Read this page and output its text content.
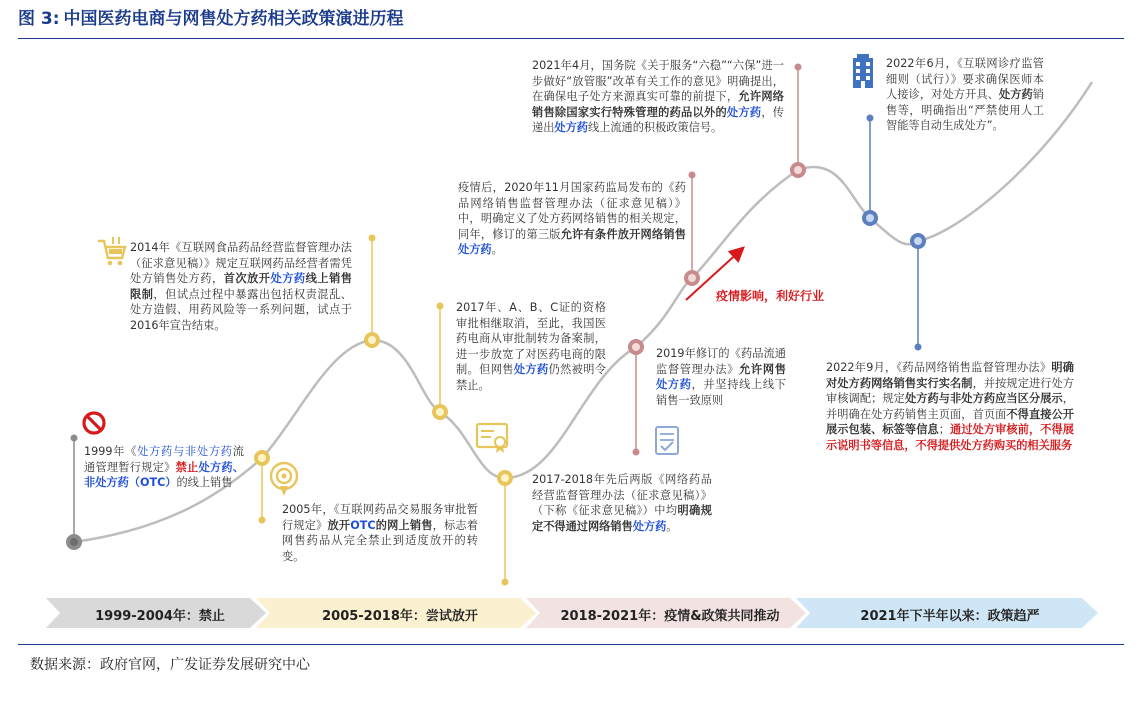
图 3: 中国医药电商与网售处方药相关政策演进历程
1999-2004年：禁止	2005-2018年：尝试放开	2018-2021年：疫情&政策共同推动	2021年下半年以来：政策趋严
疫情影响，利好行业

1999年《处方药与非处方药流通管理暂行规定》禁止处方药、非处方药（OTC）的线上销售

2014年《互联网食品药品经营监督管理办法（征求意见稿）》规定互联网药品经营者需凭处方销售处方药，首次放开处方药线上销售限制，但试点过程中暴露出包括权责混乱、处方造假、用药风险等一系列问题，试点于2016年宣告结束。

2005年，《互联网药品交易服务审批暂行规定》放开OTC的网上销售，标志着网售药品从完全禁止到适度放开的转变。

2017年、A、B、C证的资格审批相继取消，至此，我国医药电商从审批制转为备案制，进一步放宽了对医药电商的限制。但网售处方药仍然被明令禁止。

2017-2018年先后两版《网络药品经营监督管理办法（征求意见稿）》（下称《征求意见稿》）中均明确规定不得通过网络销售处方药。

疫情后，2020年11月国家药监局发布的《药品网络销售监督管理办法（征求意见稿）》中，明确定义了处方药网络销售的相关规定，同年，修订的第三版允许有条件放开网络销售处方药。

2019年修订的《药品流通监督管理办法》允许网售处方药，并坚持线上线下销售一致原则

2021年4月，国务院《关于服务“六稳”“六保”进一步做好“放管服”改革有关工作的意见》明确提出，在确保电子处方来源真实可靠的前提下，允许网络销售除国家实行特殊管理的药品以外的处方药，传递出处方药线上流通的积极政策信号。

2022年6月，《互联网诊疗监管细则（试行）》要求确保医师本人接诊，对处方开具、处方药销售等，明确指出“严禁使用人工智能等自动生成处方”。

2022年9月，《药品网络销售监督管理办法》明确对处方药网络销售实行实名制，并按规定进行处方审核调配；规定处方药与非处方药应当区分展示，并明确在处方药销售主页面，首页面不得直接公开展示包装、标签等信息；通过处方审核前，不得展示说明书等信息，不得提供处方药购买的相关服务

数据来源：政府官网，广发证券发展研究中心
